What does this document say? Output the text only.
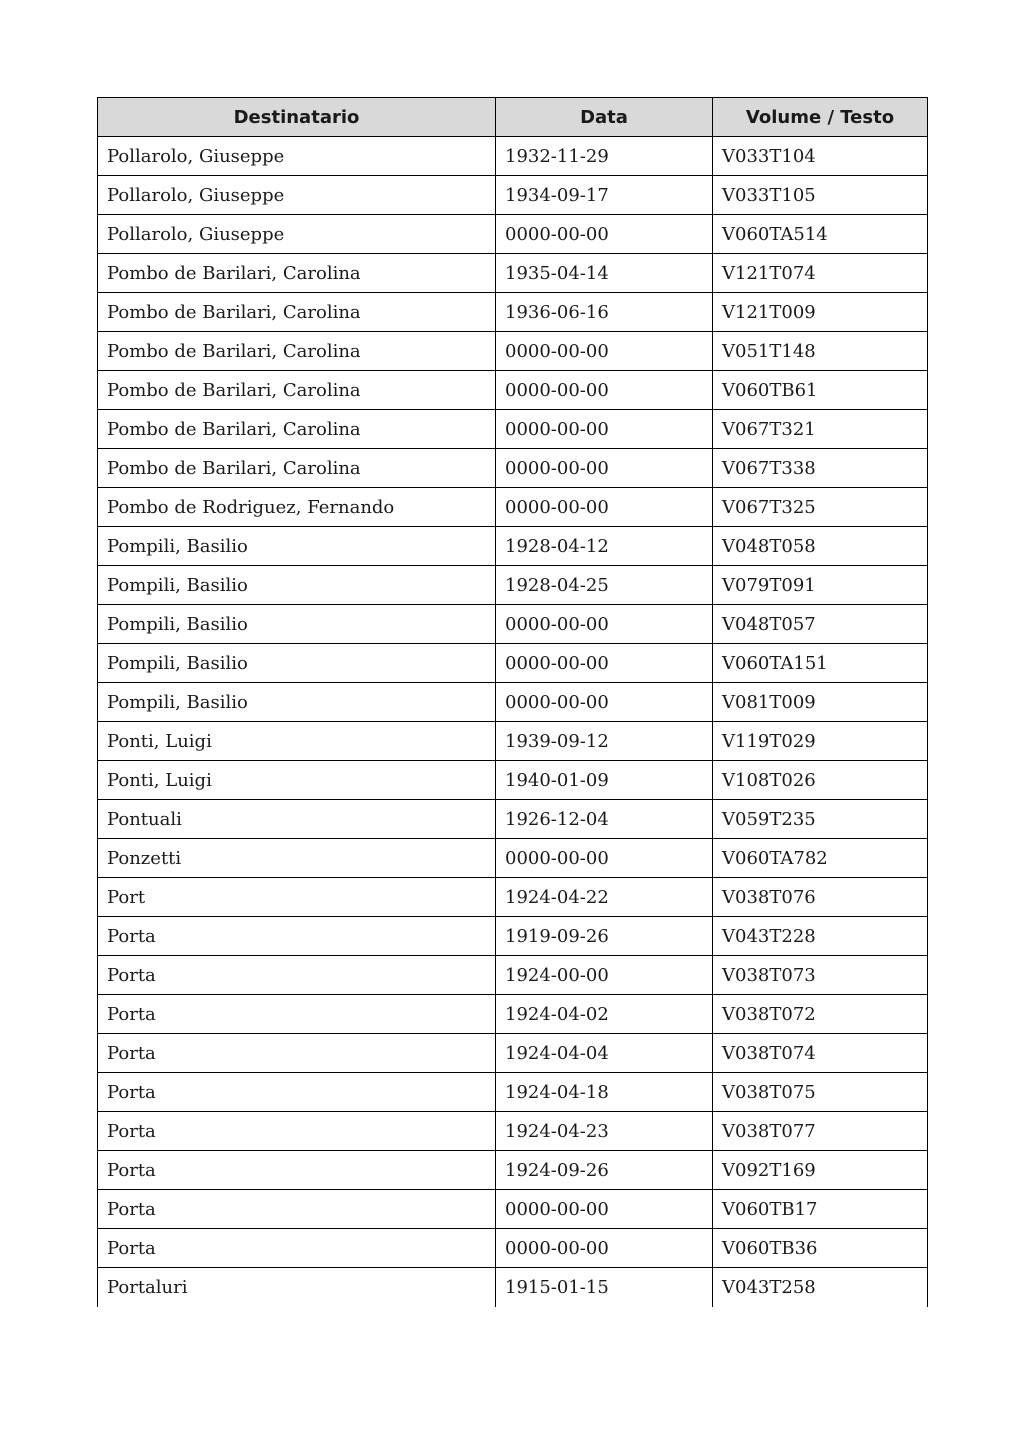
Destinatario	Data	Volume / Testo
Pollarolo, Giuseppe	1932-11-29	V033T104
Pollarolo, Giuseppe	1934-09-17	V033T105
Pollarolo, Giuseppe	0000-00-00	V060TA514
Pombo de Barilari, Carolina	1935-04-14	V121T074
Pombo de Barilari, Carolina	1936-06-16	V121T009
Pombo de Barilari, Carolina	0000-00-00	V051T148
Pombo de Barilari, Carolina	0000-00-00	V060TB61
Pombo de Barilari, Carolina	0000-00-00	V067T321
Pombo de Barilari, Carolina	0000-00-00	V067T338
Pombo de Rodriguez, Fernando	0000-00-00	V067T325
Pompili, Basilio	1928-04-12	V048T058
Pompili, Basilio	1928-04-25	V079T091
Pompili, Basilio	0000-00-00	V048T057
Pompili, Basilio	0000-00-00	V060TA151
Pompili, Basilio	0000-00-00	V081T009
Ponti, Luigi	1939-09-12	V119T029
Ponti, Luigi	1940-01-09	V108T026
Pontuali	1926-12-04	V059T235
Ponzetti	0000-00-00	V060TA782
Port	1924-04-22	V038T076
Porta	1919-09-26	V043T228
Porta	1924-00-00	V038T073
Porta	1924-04-02	V038T072
Porta	1924-04-04	V038T074
Porta	1924-04-18	V038T075
Porta	1924-04-23	V038T077
Porta	1924-09-26	V092T169
Porta	0000-00-00	V060TB17
Porta	0000-00-00	V060TB36
Portaluri	1915-01-15	V043T258
